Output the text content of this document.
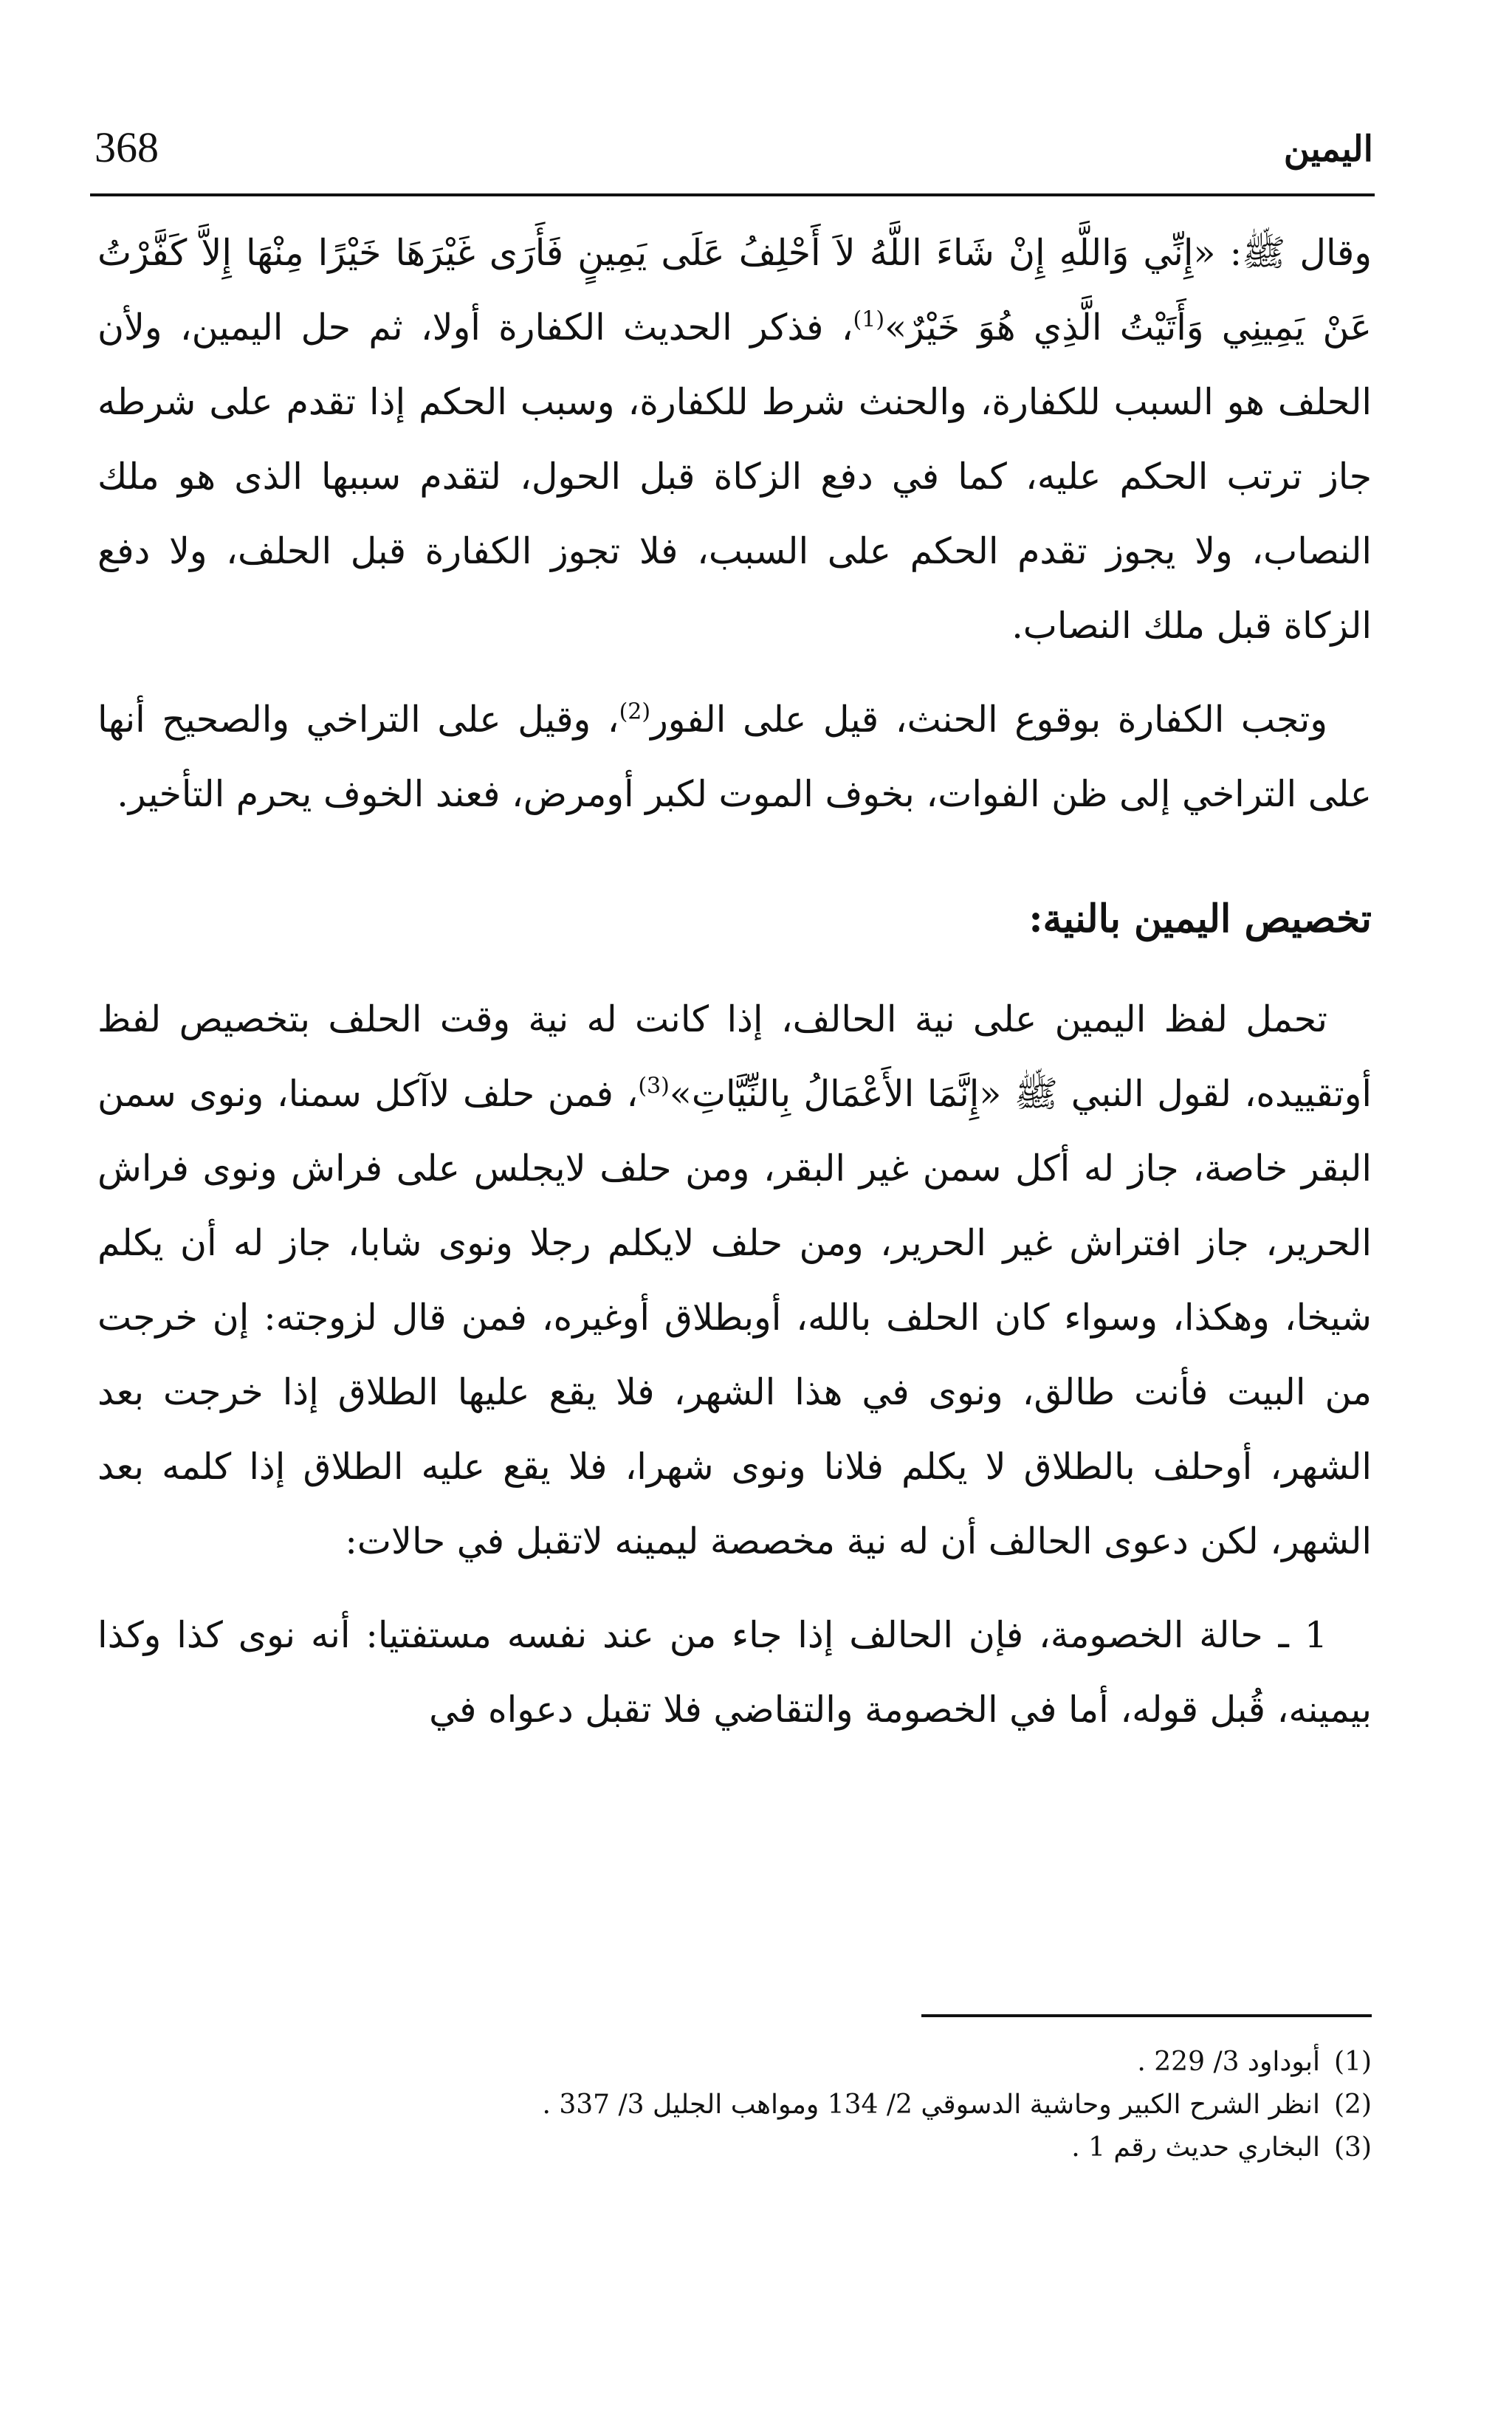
368	اليمين

وقال ﷺ: «إِنِّي وَاللَّهِ إِنْ شَاءَ اللَّهُ لاَ أَحْلِفُ عَلَى يَمِينٍ فَأَرَى غَيْرَهَا خَيْرًا مِنْهَا إِلاَّ كَفَّرْتُ عَنْ يَمِينِي وَأَتَيْتُ الَّذِي هُوَ خَيْرٌ»$^{(1)}$، فذكر الحديث الكفارة أولا، ثم حل اليمين، ولأن الحلف هو السبب للكفارة، والحنث شرط للكفارة، وسبب الحكم إذا تقدم على شرطه جاز ترتب الحكم عليه، كما في دفع الزكاة قبل الحول، لتقدم سببها الذى هو ملك النصاب، ولا يجوز تقدم الحكم على السبب، فلا تجوز الكفارة قبل الحلف، ولا دفع الزكاة قبل ملك النصاب.

وتجب الكفارة بوقوع الحنث، قيل على الفور$^{(2)}$، وقيل على التراخي والصحيح أنها على التراخي إلى ظن الفوات، بخوف الموت لكبر أومرض، فعند الخوف يحرم التأخير.

تخصيص اليمين بالنية:

تحمل لفظ اليمين على نية الحالف، إذا كانت له نية وقت الحلف بتخصيص لفظ أوتقييده، لقول النبي ﷺ «إِنَّمَا الأَعْمَالُ بِالنِّيَّاتِ»$^{(3)}$، فمن حلف لاآكل سمنا، ونوى سمن البقر خاصة، جاز له أكل سمن غير البقر، ومن حلف لايجلس على فراش ونوى فراش الحرير، جاز افتراش غير الحرير، ومن حلف لايكلم رجلا ونوى شابا، جاز له أن يكلم شيخا، وهكذا، وسواء كان الحلف بالله، أوبطلاق أوغيره، فمن قال لزوجته: إن خرجت من البيت فأنت طالق، ونوى في هذا الشهر، فلا يقع عليها الطلاق إذا خرجت بعد الشهر، أوحلف بالطلاق لا يكلم فلانا ونوى شهرا، فلا يقع عليه الطلاق إذا كلمه بعد الشهر، لكن دعوى الحالف أن له نية مخصصة ليمينه لاتقبل في حالات:

1 ـ حالة الخصومة، فإن الحالف إذا جاء من عند نفسه مستفتيا: أنه نوى كذا وكذا بيمينه، قُبل قوله، أما في الخصومة والتقاضي فلا تقبل دعواه في

(1)أبوداود 3/ 229 .
(2)انظر الشرح الكبير وحاشية الدسوقي 2/ 134 ومواهب الجليل 3/ 337 .
(3)البخاري حديث رقم 1 .
